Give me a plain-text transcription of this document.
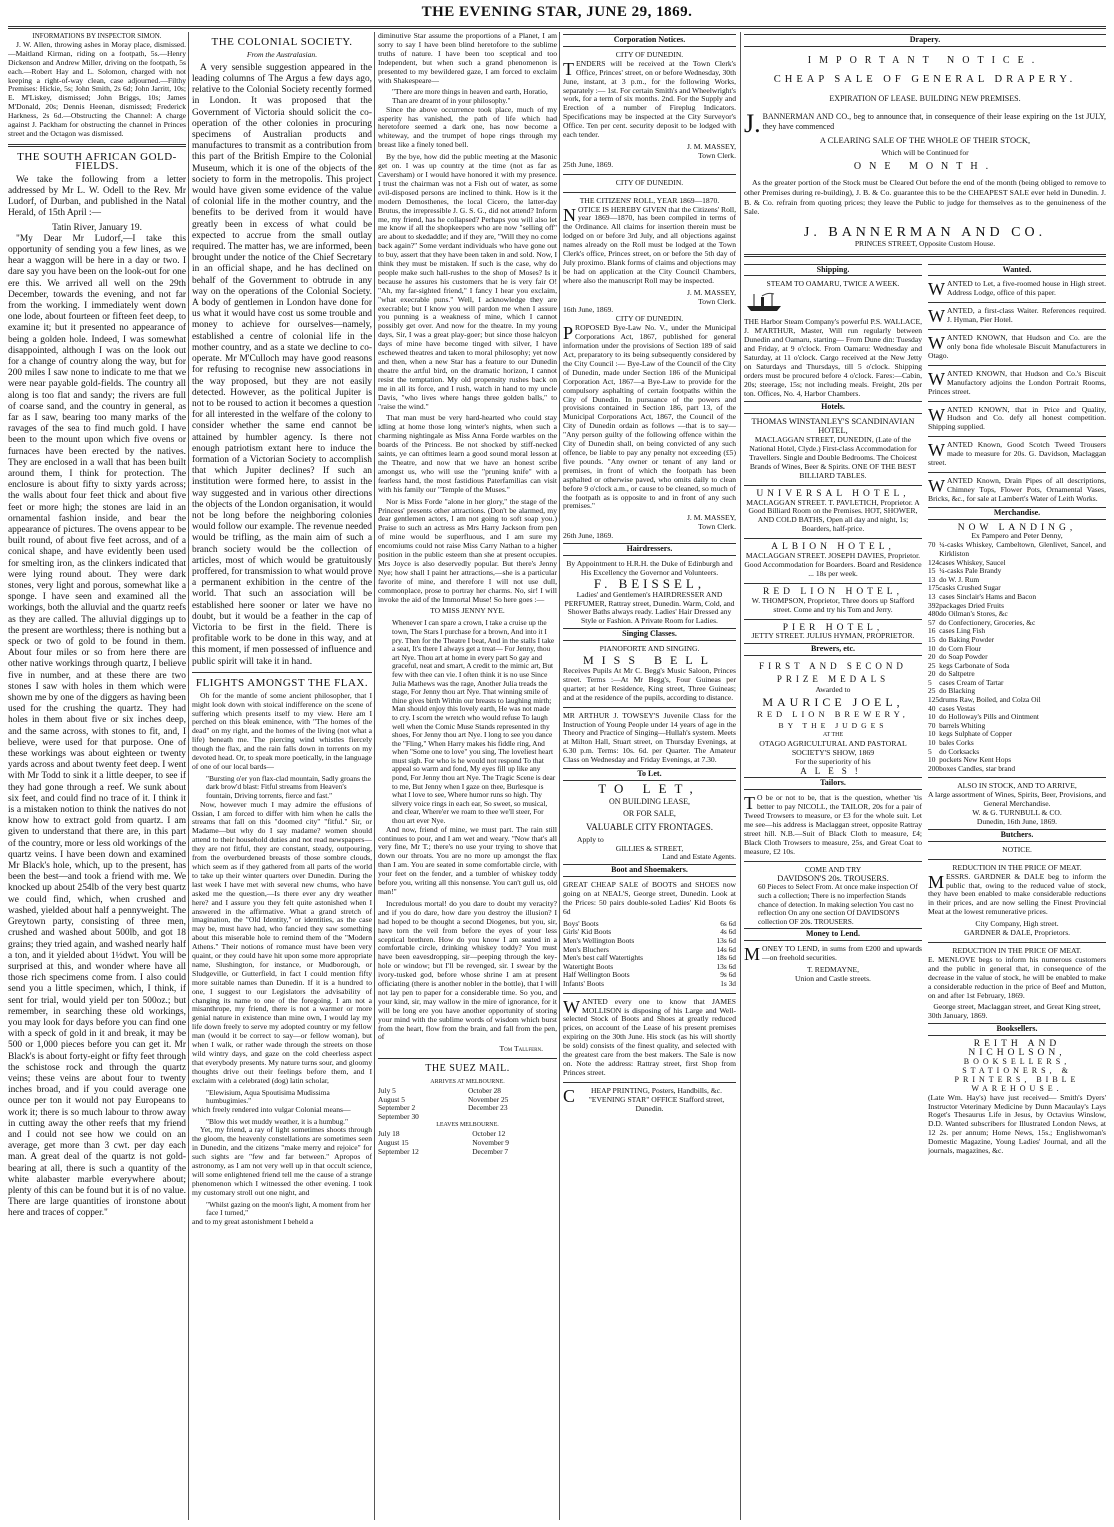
THE EVENING STAR, JUNE 29, 1869.
INFORMATIONS BY INSPECTOR SIMON.

J. W. Allen, throwing ashes in Moray place, dismissed.—Maitland Kirman, riding on a footpath, 5s.—Henry Dickenson and Andrew Miller, driving on the footpath, 5s each.—Robert Hay and L. Solomon, charged with not keeping a right-of-way clean, case adjourned.—Filthy Premises: Hickie, 5s; John Smith, 2s 6d; John Jarritt, 10s; E. M'Liskey, dismissed; John Briggs, 10s; James M'Donald, 20s; Dennis Heenan, dismissed; Frederick Harkness, 2s 6d.—Obstructing the Channel: A charge against J. Packham for obstructing the channel in Princes street and the Octagon was dismissed.

THE SOUTH AFRICAN GOLD-FIELDS.

We take the following from a letter addressed by Mr L. W. Odell to the Rev. Mr Ludorf, of Durban, and published in the Natal Herald, of 15th April :—

Tatin River, January 19.

"My Dear Mr Ludorf,—I take this opportunity of sending you a few lines, as we hear a waggon will be here in a day or two. I dare say you have been on the look-out for one ere this. We arrived all well on the 29th December, towards the evening, and not far from the working. I immediately went down one lode, about fourteen or fifteen feet deep, to examine it; but it presented no appearance of being a golden hole. Indeed, I was somewhat disappointed, although I was on the look out for a change of country along the way, but for 200 miles I saw none to indicate to me that we were near payable gold-fields. The country all along is too flat and sandy; the rivers are full of coarse sand, and the country in general, as far as I saw, bearing too many marks of the ravages of the sea to find much gold. I have been to the mount upon which five ovens or furnaces have been erected by the natives. They are enclosed in a wall that has been built around them, I think for protection. The enclosure is about fifty to sixty yards across; the walls about four feet thick and about five feet or more high; the stones are laid in an ornamental fashion inside, and bear the appearance of pictures. The ovens appear to be built round, of about five feet across, and of a conical shape, and have evidently been used for smelting iron, as the clinkers indicated that were lying round about. They were dark stones, very light and porous, somewhat like a sponge. I have seen and examined all the workings, both the alluvial and the quartz reefs as they are called. The alluvial diggings up to the present are worthless; there is nothing but a speck or two of gold to be found in them. About four miles or so from here there are other native workings through quartz, I believe five in number, and at these there are two stones I saw with holes in them which were shown me by one of the diggers as having been used for the crushing the quartz. They had holes in them about five or six inches deep, and the same across, with stones to fit, and, I believe, were used for that purpose. One of these workings was about eighteen or twenty yards across and about twenty feet deep. I went with Mr Todd to sink it a little deeper, to see if they had gone through a reef. We sunk about six feet, and could find no trace of it. I think it is a mistaken notion to think the natives do not know how to extract gold from quartz. I am given to understand that there are, in this part of the country, more or less old workings of the quartz veins. I have been down and examined Mr Black's hole, which, up to the present, has been the best—and took a friend with me. We knocked up about 254lb of the very best quartz we could find, which, when crushed and washed, yielded about half a pennyweight. The Greytown party, consisting of three men, crushed and washed about 500lb, and got 18 grains; they tried again, and washed nearly half a ton, and it yielded about 1½dwt. You will be surprised at this, and wonder where have all those rich specimens come from. I also could send you a little specimen, which, I think, if sent for trial, would yield per ton 500oz.; but remember, in searching these old workings, you may look for days before you can find one with a speck of gold in it and break, it may be 500 or 1,000 pieces before you can get it. Mr Black's is about forty-eight or fifty feet through the schistose rock and through the quartz veins; these veins are about four to twenty inches broad, and if you could average one ounce per ton it would not pay Europeans to work it; there is so much labour to throw away in cutting away the other reefs that my friend and I could not see how we could on an average, get more than 3 cwt. per day each man. A great deal of the quartz is not gold-bearing at all, there is such a quantity of the white alabaster marble everywhere about; plenty of this can be found but it is of no value. There are large quantities of ironstone about here and traces of copper."

THE COLONIAL SOCIETY.
From the Australasian.

A very sensible suggestion appeared in the leading columns of The Argus a few days ago, relative to the Colonial Society recently formed in London. It was proposed that the Government of Victoria should solicit the co-operation of the other colonies in procuring specimens of Australian products and manufactures to transmit as a contribution from this part of the British Empire to the Colonial Museum, which it is one of the objects of the society to form in the metropolis. This project would have given some evidence of the value of colonial life in the mother country, and the benefits to be derived from it would have greatly been in excess of what could be expected to accrue from the small outlay required. The matter has, we are informed, been brought under the notice of the Chief Secretary in an official shape, and he has declined on behalf of the Government to obtrude in any way on the operations of the Colonial Society. A body of gentlemen in London have done for us what it would have cost us some trouble and money to achieve for ourselves—namely, established a centre of colonial life in the mother country, and as a state we decline to co-operate. Mr M'Culloch may have good reasons for refusing to recognise new associations in the way proposed, but they are not easily detected. However, as the political Jupiter is not to be roused to action it becomes a question for all interested in the welfare of the colony to consider whether the same end cannot be attained by humbler agency. Is there not enough patriotism extant here to induce the formation of a Victorian Society to accomplish that which Jupiter declines? If such an institution were formed here, to assist in the way suggested and in various other directions the objects of the London organisation, it would not be long before the neighboring colonies would follow our example. The revenue needed would be trifling, as the main aim of such a branch society would be the collection of articles, most of which would be gratuitously proffered, for transmission to what would prove a permanent exhibition in the centre of the world. That such an association will be established here sooner or later we have no doubt, but it would be a feather in the cap of Victoria to be first in the field. There is profitable work to be done in this way, and at this moment, if men possessed of influence and public spirit will take it in hand.

FLIGHTS AMONGST THE FLAX.

Oh for the mantle of some ancient philosopher, that I might look down with stoical indifference on the scene of suffering which presents itself to my view. Here am I perched on this bleak eminence, with "The homes of the dead" on my right, and the homes of the living (not what a life) beneath me. The piercing wind whistles fiercely though the flax, and the rain falls down in torrents on my devoted head. Or, to speak more poetically, in the language of one of our local bards—

"Bursting o'er yon flax-clad mountain, Sadly groans the dark brow'd blast: Fitful streams from Heaven's fountain, Driving torrents, fierce and fast."

Now, however much I may admire the effusions of Ossian, I am forced to differ with him when he calls the streams that fall on this "doomed city" "fitful." Sir, or Madame—but why do I say madame? women should attend to their household duties and not read newspapers—they are not fitful, they are constant, steady, outpouring, from the overburdened breasts of those sombre clouds, which seem as if they gathered from all parts of the world to take up their winter quarters over Dunedin. During the last week I have met with several new chums, who have asked me the question,—Is there ever any dry weather here? and I assure you they felt quite astonished when I answered in the affirmative. What a grand stretch of imagination, the "Old Identity," or identities, as the case may be, must have had, who fancied they saw something about this miserable hole to remind them of the "Modern Athens." Their notions of romance must have been very quaint, or they could have hit upon some more appropriate name, Slushington, for instance, or Mudborough, or Sludgeville, or Gutterfield, in fact I could mention fifty more suitable names than Dunedin. If it is a hundred to one, I suggest to our Legislators the advisability of changing its name to one of the foregoing. I am not a misanthrope, my friend, there is not a warmer or more genial nature in existence than mine own, I would lay my life down freely to serve my adopted country or my fellow man (would it be correct to say—or fellow woman), but when I walk, or rather wade through the streets on those wild wintry days, and gaze on the cold cheerless aspect that everybody presents. My nature turns sour, and gloomy thoughts drive out their feelings before them, and I exclaim with a celebrated (dog) latin scholar,

"Elewisium, Aqua Spoutisima Mudissima humbugimies."

which freely rendered into vulgar Colonial means—

"Blow this wet muddy weather, it is a humbug."

Yet, my friend, a ray of light sometimes shoots through the gloom, the heavenly constellations are sometimes seen in Dunedin, and the citizens "make merry and rejoice" for such sights are "few and far between." Apropos of astronomy, as I am not very well up in that occult science, will some enlightened friend tell me the cause of a strange phenomenon which I witnessed the other evening. I took my customary stroll out one night, and

"Whilst gazing on the moon's light, A moment from her face I turned,"

and to my great astonishment I beheld a

diminutive Star assume the proportions of a Planet, I am sorry to say I have been blind heretofore to the sublime truths of nature. I have been too sceptical and too Independent, but when such a grand phenomenon is presented to my bewildered gaze, I am forced to exclaim with Shakespeare—

"There are more things in heaven and earth, Horatio, Than are dreamt of in your philosophy."

Since the above occurrence took place, much of my asperity has vanished, the path of life which had heretofore seemed a dark one, has now become a whiteway, and the trumpet of hope rings through my breast like a finely toned bell.

By the bye, how did the public meeting at the Masonic get on. I was up country at the time (not as far as Caversham) or I would have honored it with my presence. I trust the chairman was not a Fish out of water, as some evil-disposed persons are inclined to think. How is it the modern Demosthenes, the local Cicero, the latter-day Brutus, the irrepressible J. G. S. G., did not attend? Inform me, my friend, has he collapsed? Perhaps you will also let me know if all the shopkeepers who are now "selling off" are about to skedaddle; and if they are, "Will they no come back again?" Some verdant individuals who have gone out to buy, assert that they have been taken in and sold. Now, I think they must be mistaken. If such is the case, why do people make such hall-rushes to the shop of Moses? Is it because he assures his customers that he is very fair O! "Ah, my far-sighted friend," I fancy I hear you exclaim, "what execrable puns." Well, I acknowledge they are execrable; but I know you will pardon me when I assure you punning is a weakness of mine, which I cannot possibly get over. And now for the theatre. In my young days, Sir, I was a great play-goer; but since those halcyon days of mine have become tinged with silver, I have eschewed theatres and taken to moral philosophy; yet now and then, when a new Star has a feature to our Dunedin theatre the artful bird, on the dramatic horizon, I cannot resist the temptation. My old propensity rushes back on me in all its force, and I rush, watch in hand to my uncle Davis, "who lives where hangs three golden balls," to "raise the wind."

That man must be very hard-hearted who could stay idling at home those long winter's nights, when such a charming nightingale as Miss Anna Forde warbles on the boards of the Princess. Be not shocked by stiff-necked saints, ye can ofttimes learn a good sound moral lesson at the Theatre, and now that we have an honest scribe amongst us, who will use the "pruning knife" with a fearless hand, the most fastidious Paterfamilias can visit with his family our "Temple of the Muses."

Nor is Miss Forde "alone in her glory," the stage of the Princess' presents other attractions. (Don't be alarmed, my dear gentlemen actors, I am not going to soft soap you.) Praise to such an actress as Mrs Harry Jackson from pen of mine would be superfluous, and I am sure my encomiums could not raise Miss Carry Nathan to a higher position in the public esteem than she at present occupies. Mrs Joyce is also deservedly popular. But there's Jenny Nye; how shall I paint her attractions,—she is a particular favorite of mine, and therefore I will not use dull, commonplace, prose to portray her charms. No, sir! I will invoke the aid of the Immortal Muse! So here goes :—

TO MISS JENNY NYE.
Whenever I can spare a crown, I take a cruise up the town, The Stars I purchase for a brown, And into it I pry. Then for the Theatre I beat, And in the stalls I take a seat, It's there I always get a treat— For Jenny, thou art Nye. Thou art at home in every part So gay and graceful, neat and smart, A credit to the mimic art, But few with thee can vie. I often think it is no use Since Julia Mathews was the rage, Another Julia treads the stage, For Jenny thou art Nye. That winning smile of thine gives birth Within our breasts to laughing mirth; Man should enjoy this lovely earth, He was not made to cry. I scorn the wretch who would refuse To laugh well when the Comic Muse Stands represented in thy shoes, For Jenny thou art Nye. I long to see you dance the "Fling," When Harry makes his fiddle ring, And when "Some one to love" you sing, The loveliest heart must sigh. For who is he would not respond To that appeal so warm and fond, My eyes fill up like any pond, For Jenny thou art Nye. The Tragic Scene is dear to me, But Jenny when I gaze on thee, Burlesque is what I love to see, Where humor runs so high. Thy silvery voice rings in each ear, So sweet, so musical, and clear, Where'er we roam to thee we'll steer, For thou art ever Nye.

And now, friend of mine, we must part. The rain still continues to pour, and I am wet and weary. "Now that's all very fine, Mr T.; there's no use your trying to shove that down our throats. You are no more up amongst the flax than I am. You are seated in some comfortable circle, with your feet on the fender, and a tumbler of whiskey toddy before you, writing all this nonsense. You can't gull us, old man!"

Incredulous mortal! do you dare to doubt my veracity? and if you do dare, how dare you destroy the illusion? I had hoped to be thought a second Diogenes, but you, sir, have torn the veil from before the eyes of your less sceptical brethren. How do you know I am seated in a comfortable circle, drinking whiskey toddy? You must have been eavesdropping, sir—peeping through the key-hole or window; but I'll be revenged, sir. I swear by the ivory-tusked god, before whose shrine I am at present officiating (there is another nobler in the bottle), that I will not lay pen to paper for a considerable time. So you, and your kind, sir, may wallow in the mire of ignorance, for it will be long ere you have another opportunity of storing your mind with the sublime words of wisdom which burst from the heart, flow from the brain, and fall from the pen, of

Tom Tallfern.
THE SUEZ MAIL.
ARRIVES AT MELBOURNE.
July 5	October 28
August 5	November 25
September 2	December 23
September 30	
LEAVES MELBOURNE.
July 18	October 12
August 15	November 9
September 12	December 7
Corporation Notices.
CITY OF DUNEDIN.

TENDERS will be received at the Town Clerk's Office, Princes' street, on or before Wednesday, 30th June, instant, at 3 p.m., for the following Works, separately :— 1st. For certain Smith's and Wheelwright's work, for a term of six months. 2nd. For the Supply and Erection of a number of Fireplug Indicators. Specifications may be inspected at the City Surveyor's Office. Ten per cent. security deposit to be lodged with each tender.

J. M. MASSEY,
Town Clerk.
25th June, 1869.
CITY OF DUNEDIN.
THE CITIZENS' ROLL, YEAR 1869—1870.

NOTICE IS HEREBY GIVEN that the Citizens' Roll, year 1869—1870, has been compiled in terms of the Ordinance. All claims for insertion therein must be lodged on or before 3rd July, and all objections against names already on the Roll must be lodged at the Town Clerk's office, Princes street, on or before the 5th day of July proximo. Blank forms of claims and objections may be had on application at the City Council Chambers, where also the manuscript Roll may be inspected.

J. M. MASSEY,
Town Clerk.
16th June, 1869.
CITY OF DUNEDIN.

PROPOSED Bye-Law No. V., under the Municipal Corporations Act, 1867, published for general information under the provisions of Section 189 of said Act, preparatory to its being subsequently considered by the City Council :— Bye-Law of the Council of the City of Dunedin, made under Section 186 of the Municipal Corporation Act, 1867—a Bye-Law to provide for the compulsory asphalting of certain footpaths within the City of Dunedin. In pursuance of the powers and provisions contained in Section 186, part 13, of the Municipal Corporations Act, 1867, the Council of the City of Dunedin ordain as follows —that is to say— "Any person guilty of the following offence within the City of Dunedin shall, on being convicted of any such offence, be liable to pay any penalty not exceeding (£5) five pounds. "Any owner or tenant of any land or premises, in front of which the footpath has been asphalted or otherwise paved, who omits daily to clean before 9 o'clock a.m., or cause to be cleaned, so much of the footpath as is opposite to and in front of any such premises."

J. M. MASSEY,
Town Clerk.
26th June, 1869.
Hairdressers.
By Appointment to H.R.H. the Duke of Edinburgh and His Excellency the Governor and Volunteers.
F. BEISSEL,
Ladies' and Gentlemen's HAIRDRESSER AND PERFUMER, Rattray street, Dunedin. Warm, Cold, and Shower Baths always ready. Ladies' Hair Dressed any Style or Fashion. A Private Room for Ladies.
Singing Classes.
PIANOFORTE AND SINGING.
MISS BELL

Receives Pupils At Mr C. Begg's Music Saloon, Princes street. Terms :—At Mr Begg's, Four Guineas per quarter; at her Residence, King street, Three Guineas; and at the residence of the pupils, according to distance.

MR ARTHUR J. TOWSEY'S Juvenile Class for the Instruction of Young People under 14 years of age in the Theory and Practice of Singing—Hullah's system. Meets at Milton Hall, Stuart street, on Thursday Evenings, at 6.30 p.m. Terms: 10s. 6d. per Quarter. The Amateur Class on Wednesday and Friday Evenings, at 7.30.

To Let.
TO LET,
ON BUILDING LEASE,
OR FOR SALE,
VALUABLE CITY FRONTAGES.
Apply to
GILLIES & STREET,
Land and Estate Agents.
Boot and Shoemakers.

GREAT CHEAP SALE of BOOTS and SHOES now going on at NEAL'S, George street, Dunedin. Look at the Prices: 50 pairs double-soled Ladies' Kid Boots 6s 6d

Boys' Boots	6s 6d
Girls' Kid Boots	4s 6d
Men's Wellington Boots	13s 6d
Men's Bluchers	14s 6d
Men's best calf Watertights	18s 6d
Watertight Boots	13s 6d
Half Wellington Boots	9s 6d
Infants' Boots	1s 3d

WANTED every one to know that JAMES MOLLISON is disposing of his Large and Well-selected Stock of Boots and Shoes at greatly reduced prices, on account of the Lease of his present premises expiring on the 30th June. His stock (as his will shortly be sold) consists of the finest quality, and selected with the greatest care from the best makers. The Sale is now on. Note the address: Rattray street, first Shop from Princes street.

C HEAP PRINTING, Posters, Handbills, &c. "EVENING STAR" OFFICE Stafford street, Dunedin.

Drapery.
IMPORTANT NOTICE.
CHEAP SALE OF GENERAL DRAPERY.
EXPIRATION OF LEASE. BUILDING NEW PREMISES.

J. BANNERMAN AND CO., beg to announce that, in consequence of their lease expiring on the 1st JULY, they have commenced

A CLEARING SALE OF THE WHOLE OF THEIR STOCK,
Which will be Continued for
ONE MONTH.

As the greater portion of the Stock must be Cleared Out before the end of the month (being obliged to remove to other Premises during re-building), J. B. & Co. guarantee this to be the CHEAPEST SALE ever held in Dunedin. J. B. & Co. refrain from quoting prices; they leave the Public to judge for themselves as to the genuineness of the Sale.

J. BANNERMAN AND CO.
PRINCES STREET, Opposite Custom House.
Shipping.
STEAM TO OAMARU, TWICE A WEEK.

THE Harbor Steam Company's powerful P.S. WALLACE, J. M'ARTHUR, Master, Will run regularly between Dunedin and Oamaru, starting— From Dune din: Tuesday and Friday, at 9 o'clock. From Oamaru: Wednesday and Saturday, at 11 o'clock. Cargo received at the New Jetty on Saturdays and Thursdays, till 5 o'clock. Shipping orders must be procured before 4 o'clock. Fares:—Cabin, 20s; steerage, 15s; not including meals. Freight, 20s per ton. Offices, No. 4, Harbor Chambers.

Hotels.
THOMAS WINSTANLEY'S SCANDINAVIAN HOTEL,
MACLAGGAN STREET, DUNEDIN, (Late of the National Hotel, Clyde.) First-class Accommodation for Travellers. Single and Double Bedrooms. The Choicest Brands of Wines, Beer & Spirits. ONE OF THE BEST BILLIARD TABLES.
UNIVERSAL HOTEL,
MACLAGGAN STREET. T. PAVLETICH, Proprietor. A Good Billiard Room on the Premises. HOT, SHOWER, AND COLD BATHS, Open all day and night, 1s; Boarders, half-price.
ALBION HOTEL,
MACLAGGAN STREET. JOSEPH DAVIES, Proprietor. Good Accommodation for Boarders. Board and Residence ... 18s per week.
RED LION HOTEL,
W. THOMPSON, Proprietor, Three doors up Stafford street. Come and try his Tom and Jerry.
PIER HOTEL,
JETTY STREET. JULIUS HYMAN, PROPRIETOR.
Brewers, etc.
FIRST AND SECOND PRIZE MEDALS
Awarded to
MAURICE JOEL,
RED LION BREWERY,
BY THE JUDGES
AT THE
OTAGO AGRICULTURAL AND PASTORAL SOCIETY'S SHOW, 1869
For the superiority of his
ALES!
Tailors.

T O be or not to be, that is the question, whether 'tis better to pay NICOLL, the TAILOR, 20s for a pair of Tweed Trowsers to measure, or £3 for the whole suit. Let me see—his address is Maclaggan street, opposite Rattray street hill. N.B.—Suit of Black Cloth to measure, £4; Black Cloth Trowsers to measure, 25s, and Great Coat to measure, £2 10s.

COME AND TRY
DAVIDSON'S 20s. TROUSERS.
60 Pieces to Select From. At once make inspection Of such a collection; There is no imperfection Stands chance of detection. In making selection You cast no reflection On any one section Of DAVIDSON'S collection OF 20s. TROUSERS.
Money to Lend.

MONEY TO LEND, in sums from £200 and upwards—on freehold securities.

T. REDMAYNE,
Union and Castle streets.
Wanted.

WANTED to Let, a five-roomed house in High street. Address Lodge, office of this paper.

WANTED, a first-class Waiter. References required. J. Hyman, Pier Hotel.

WANTED KNOWN, that Hudson and Co. are the only bona fide wholesale Biscuit Manufacturers in Otago.

WANTED KNOWN, that Hudson and Co.'s Biscuit Manufactory adjoins the London Portrait Rooms, Princes street.

WANTED KNOWN, that in Price and Quality, Hudson and Co. defy all honest competition. Shipping supplied.

WANTED Known, Good Scotch Tweed Trousers made to measure for 20s. G. Davidson, Maclaggan street.

WANTED Known, Drain Pipes of all descriptions, Chimney Tops, Flower Pots, Ornamental Vases, Bricks, &c., for sale at Lambert's Water of Leith Works.

Merchandise.
NOW LANDING,
Ex Pampero and Peter Denny,
70	¼-casks Whiskey, Cambeltown, Glenlivet, Sancel, and Kirkliston
124	cases Whiskey, Saucel
15	¼-casks Pale Brandy
13	do W. J. Rum
175	casks Crushed Sugar
13	cases Sinclair's Hams and Bacon
392	packages Dried Fruits
480	do Oilman's Stores, &c
57	do Confectionery, Groceries, &c
16	cases Ling Fish
15	do Baking Powder
10	do Corn Flour
20	do Soap Powder
25	kegs Carbonate of Soda
20	do Saltpetre
5	cases Cream of Tartar
25	do Blacking
125	drums Raw, Boiled, and Colza Oil
40	cases Vestas
10	do Holloway's Pills and Ointment
70	barrels Whiting
10	kegs Sulphate of Copper
10	bales Corks
5	do Corksacks
10	pockets New Kent Hops
200	boxes Candles, star brand
ALSO IN STOCK, AND TO ARRIVE,
A large assortment of Wines, Spirits, Beer, Provisions, and General Merchandise.
W. & G. TURNBULL & CO.
Dunedin, 16th June, 1869.
Butchers.
NOTICE.
REDUCTION IN THE PRICE OF MEAT.

MESSRS. GARDNER & DALE beg to inform the public that, owing to the reduced value of stock, they have been enabled to make considerable reductions in their prices, and are now selling the Finest Provincial Meat at the lowest remunerative prices.

City Company, High street.
GARDNER & DALE, Proprietors.
REDUCTION IN THE PRICE OF MEAT.

E. MENLOVE begs to inform his numerous customers and the public in general that, in consequence of the decrease in the value of stock, he will be enabled to make a considerable reduction in the price of Beef and Mutton, on and after 1st February, 1869.

George street, Maclaggan street, and Great King street,
30th January, 1869.
Booksellers.
REITH AND NICHOLSON,
BOOKSELLERS, STATIONERS, & PRINTERS, BIBLE WAREHOUSE.

(Late Wm. Hay's) have just received— Smith's Dyers' Instructor Veterinary Medicine by Dunn Macaulay's Lays Roget's Thesaurus Life in Jesus, by Octavius Winslow, D.D. Wanted subscribers for Illustrated London News, at 12 2s. per annum; Home News, 15s.; Englishwoman's Domestic Magazine, Young Ladies' Journal, and all the journals, magazines, &c.
